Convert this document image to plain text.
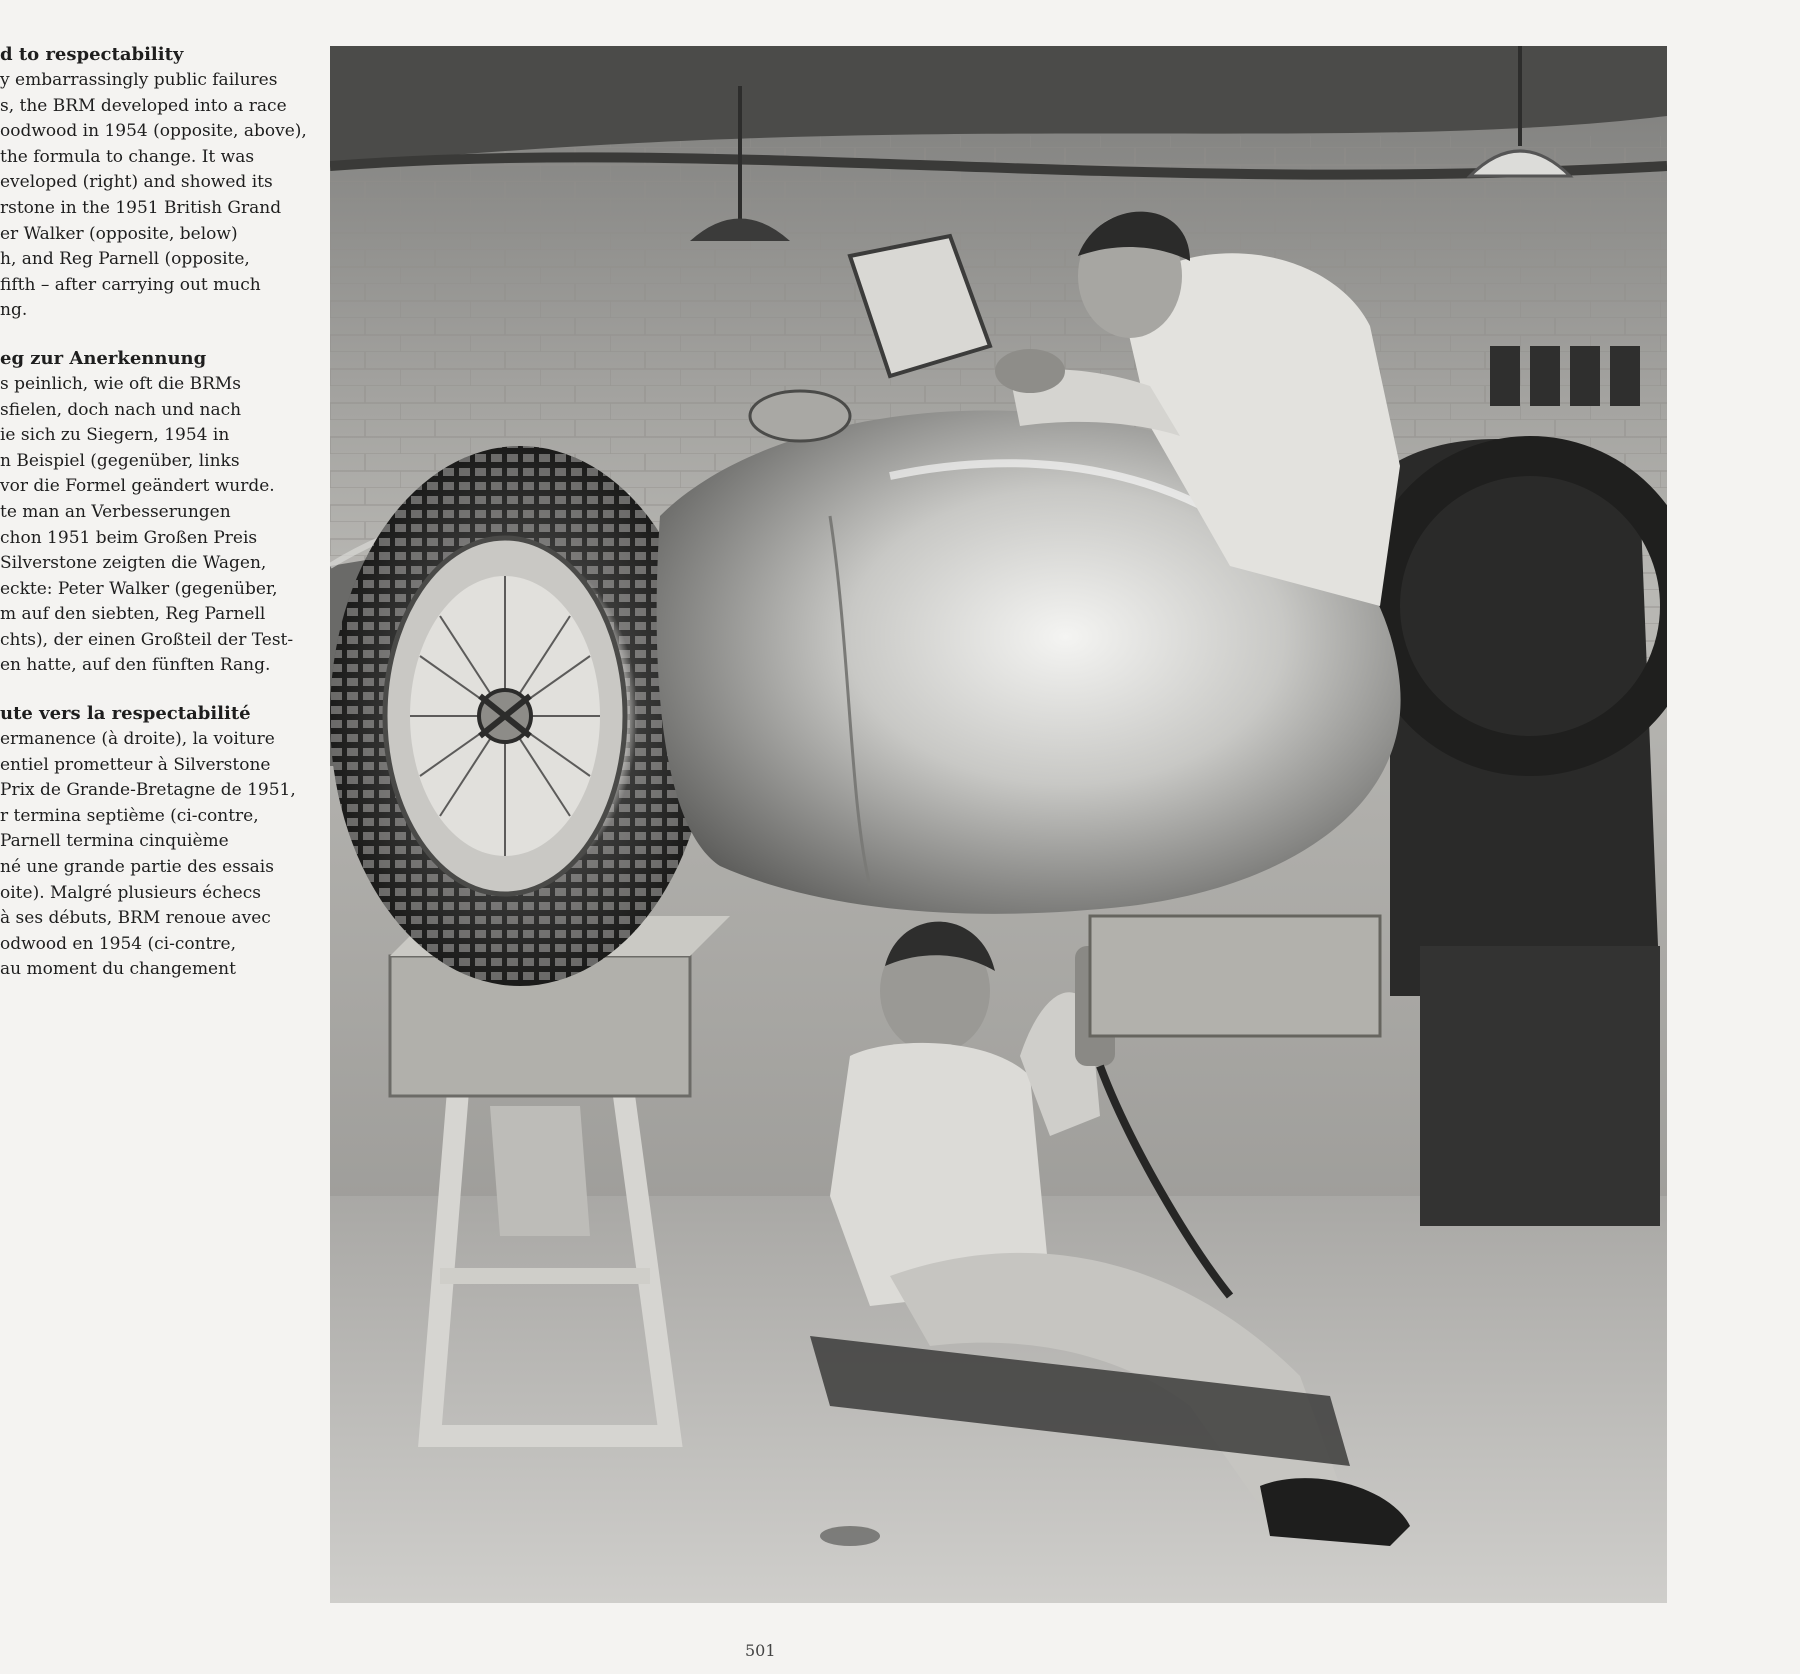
d to respectability

y embarrassingly public failures

s, the BRM developed into a race

oodwood in 1954 (opposite, above),

the formula to change. It was

eveloped (right) and showed its

rstone in the 1951 British Grand

er Walker (opposite, below)

h, and Reg Parnell (opposite,

fifth – after carrying out much

ng.

eg zur Anerkennung

s peinlich, wie oft die BRMs

sfielen, doch nach und nach

ie sich zu Siegern, 1954 in

n Beispiel (gegenüber, links

vor die Formel geändert wurde.

te man an Verbesserungen

chon 1951 beim Großen Preis

Silverstone zeigten die Wagen,

eckte: Peter Walker (gegenüber,

m auf den siebten, Reg Parnell

chts), der einen Großteil der Test-

en hatte, auf den fünften Rang.

ute vers la respectabilité

ermanence (à droite), la voiture

entiel prometteur à Silverstone

Prix de Grande-Bretagne de 1951,

r termina septième (ci-contre,

Parnell termina cinquième

né une grande partie des essais

oite). Malgré plusieurs échecs

à ses débuts, BRM renoue avec

odwood en 1954 (ci-contre,

au moment du changement

501
